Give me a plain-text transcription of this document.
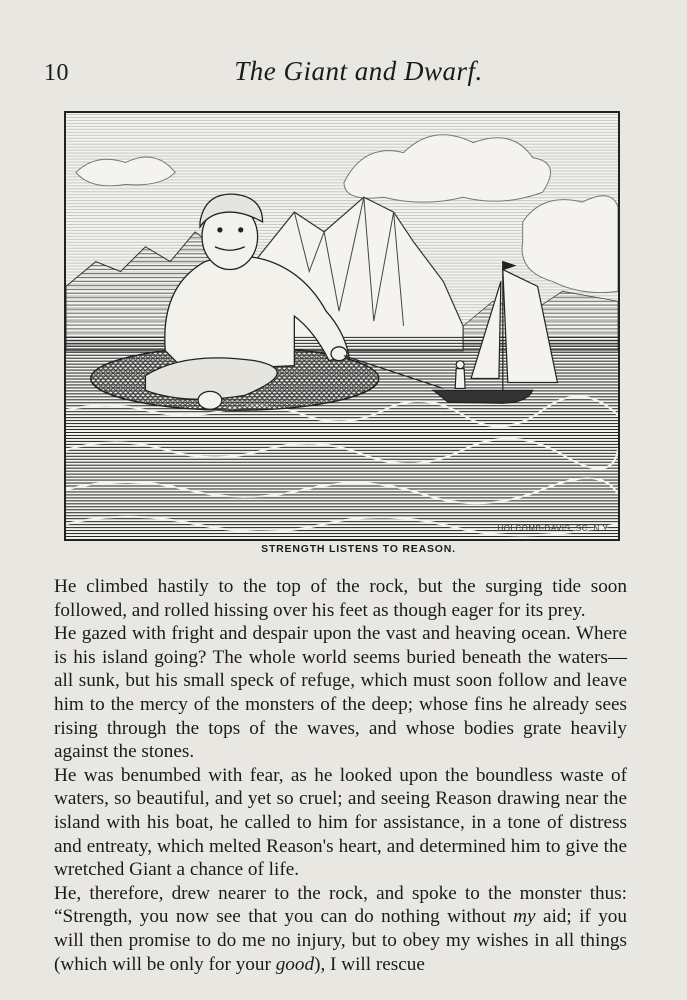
10	The Giant and Dwarf.
HOLCOMB-DAVIS, SC. N.Y.
STRENGTH LISTENS TO REASON.

He climbed hastily to the top of the rock, but the surging tide soon followed, and rolled hissing over his feet as though eager for its prey.

He gazed with fright and despair upon the vast and heaving ocean. Where is his island going? The whole world seems buried beneath the waters—all sunk, but his small speck of refuge, which must soon follow and leave him to the mercy of the monsters of the deep; whose fins he already sees rising through the tops of the waves, and whose bodies grate heavily against the stones.

He was benumbed with fear, as he looked upon the boundless waste of waters, so beautiful, and yet so cruel; and seeing Reason drawing near the island with his boat, he called to him for assistance, in a tone of distress and entreaty, which melted Reason's heart, and determined him to give the wretched Giant a chance of life.

He, therefore, drew nearer to the rock, and spoke to the monster thus: “Strength, you now see that you can do nothing without my aid; if you will then promise to do me no injury, but to obey my wishes in all things (which will be only for your good), I will rescue
